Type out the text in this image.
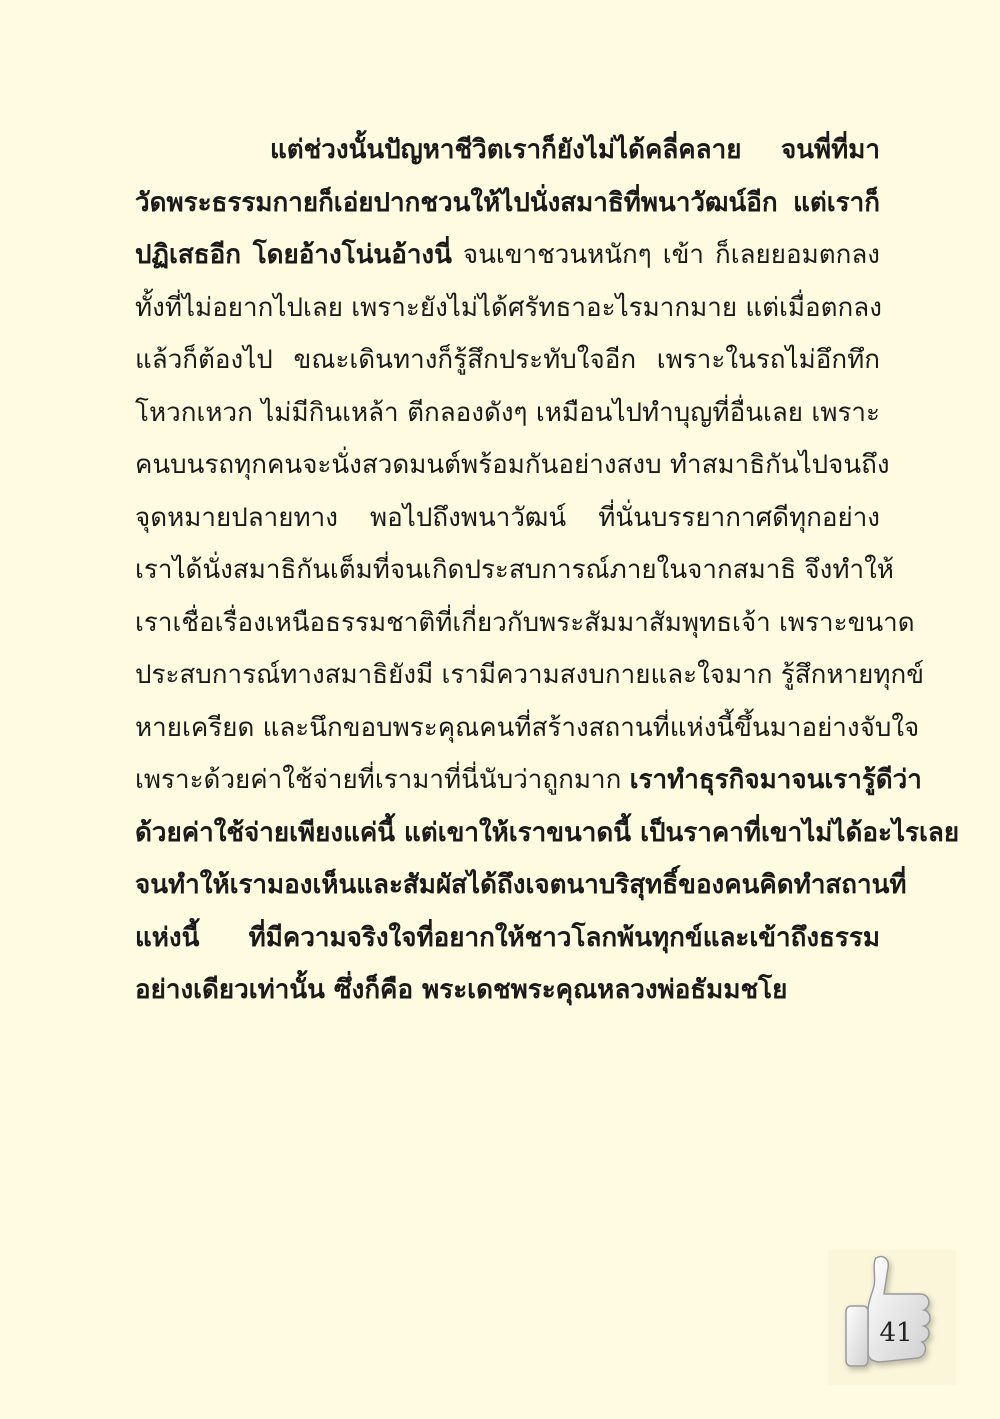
แต่ช่วงนั้นปัญหาชีวิตเราก็ยังไม่ได้คลี่คลาย จนพี่ที่มา
วัดพระธรรมกายก็เอ่ยปากชวนให้ไปนั่งสมาธิที่พนาวัฒน์อีก แต่เราก็
ปฏิเสธอีก โดยอ้างโน่นอ้างนี่ จนเขาชวนหนักๆ เข้า ก็เลยยอมตกลง
ทั้งที่ไม่อยากไปเลย เพราะยังไม่ได้ศรัทธาอะไรมากมาย แต่เมื่อตกลง
แล้วก็ต้องไป ขณะเดินทางก็รู้สึกประทับใจอีก เพราะในรถไม่อึกทึก
โหวกเหวก ไม่มีกินเหล้า ตีกลองดังๆ เหมือนไปทำบุญที่อื่นเลย เพราะ
คนบนรถทุกคนจะนั่งสวดมนต์พร้อมกันอย่างสงบ ทำสมาธิกันไปจนถึง
จุดหมายปลายทาง พอไปถึงพนาวัฒน์ ที่นั่นบรรยากาศดีทุกอย่าง
เราได้นั่งสมาธิกันเต็มที่จนเกิดประสบการณ์ภายในจากสมาธิ จึงทำให้
เราเชื่อเรื่องเหนือธรรมชาติที่เกี่ยวกับพระสัมมาสัมพุทธเจ้า เพราะขนาด
ประสบการณ์ทางสมาธิยังมี เรามีความสงบกายและใจมาก รู้สึกหายทุกข์
หายเครียด และนึกขอบพระคุณคนที่สร้างสถานที่แห่งนี้ขึ้นมาอย่างจับใจ
เพราะด้วยค่าใช้จ่ายที่เรามาที่นี่นับว่าถูกมาก เราทำธุรกิจมาจนเรารู้ดีว่า
ด้วยค่าใช้จ่ายเพียงแค่นี้ แต่เขาให้เราขนาดนี้ เป็นราคาที่เขาไม่ได้อะไรเลย
จนทำให้เรามองเห็นและสัมผัสได้ถึงเจตนาบริสุทธิ์ของคนคิดทำสถานที่
แห่งนี้ ที่มีความจริงใจที่อยากให้ชาวโลกพ้นทุกข์และเข้าถึงธรรม
อย่างเดียวเท่านั้น ซึ่งก็คือ พระเดชพระคุณหลวงพ่อธัมมชโย
41
